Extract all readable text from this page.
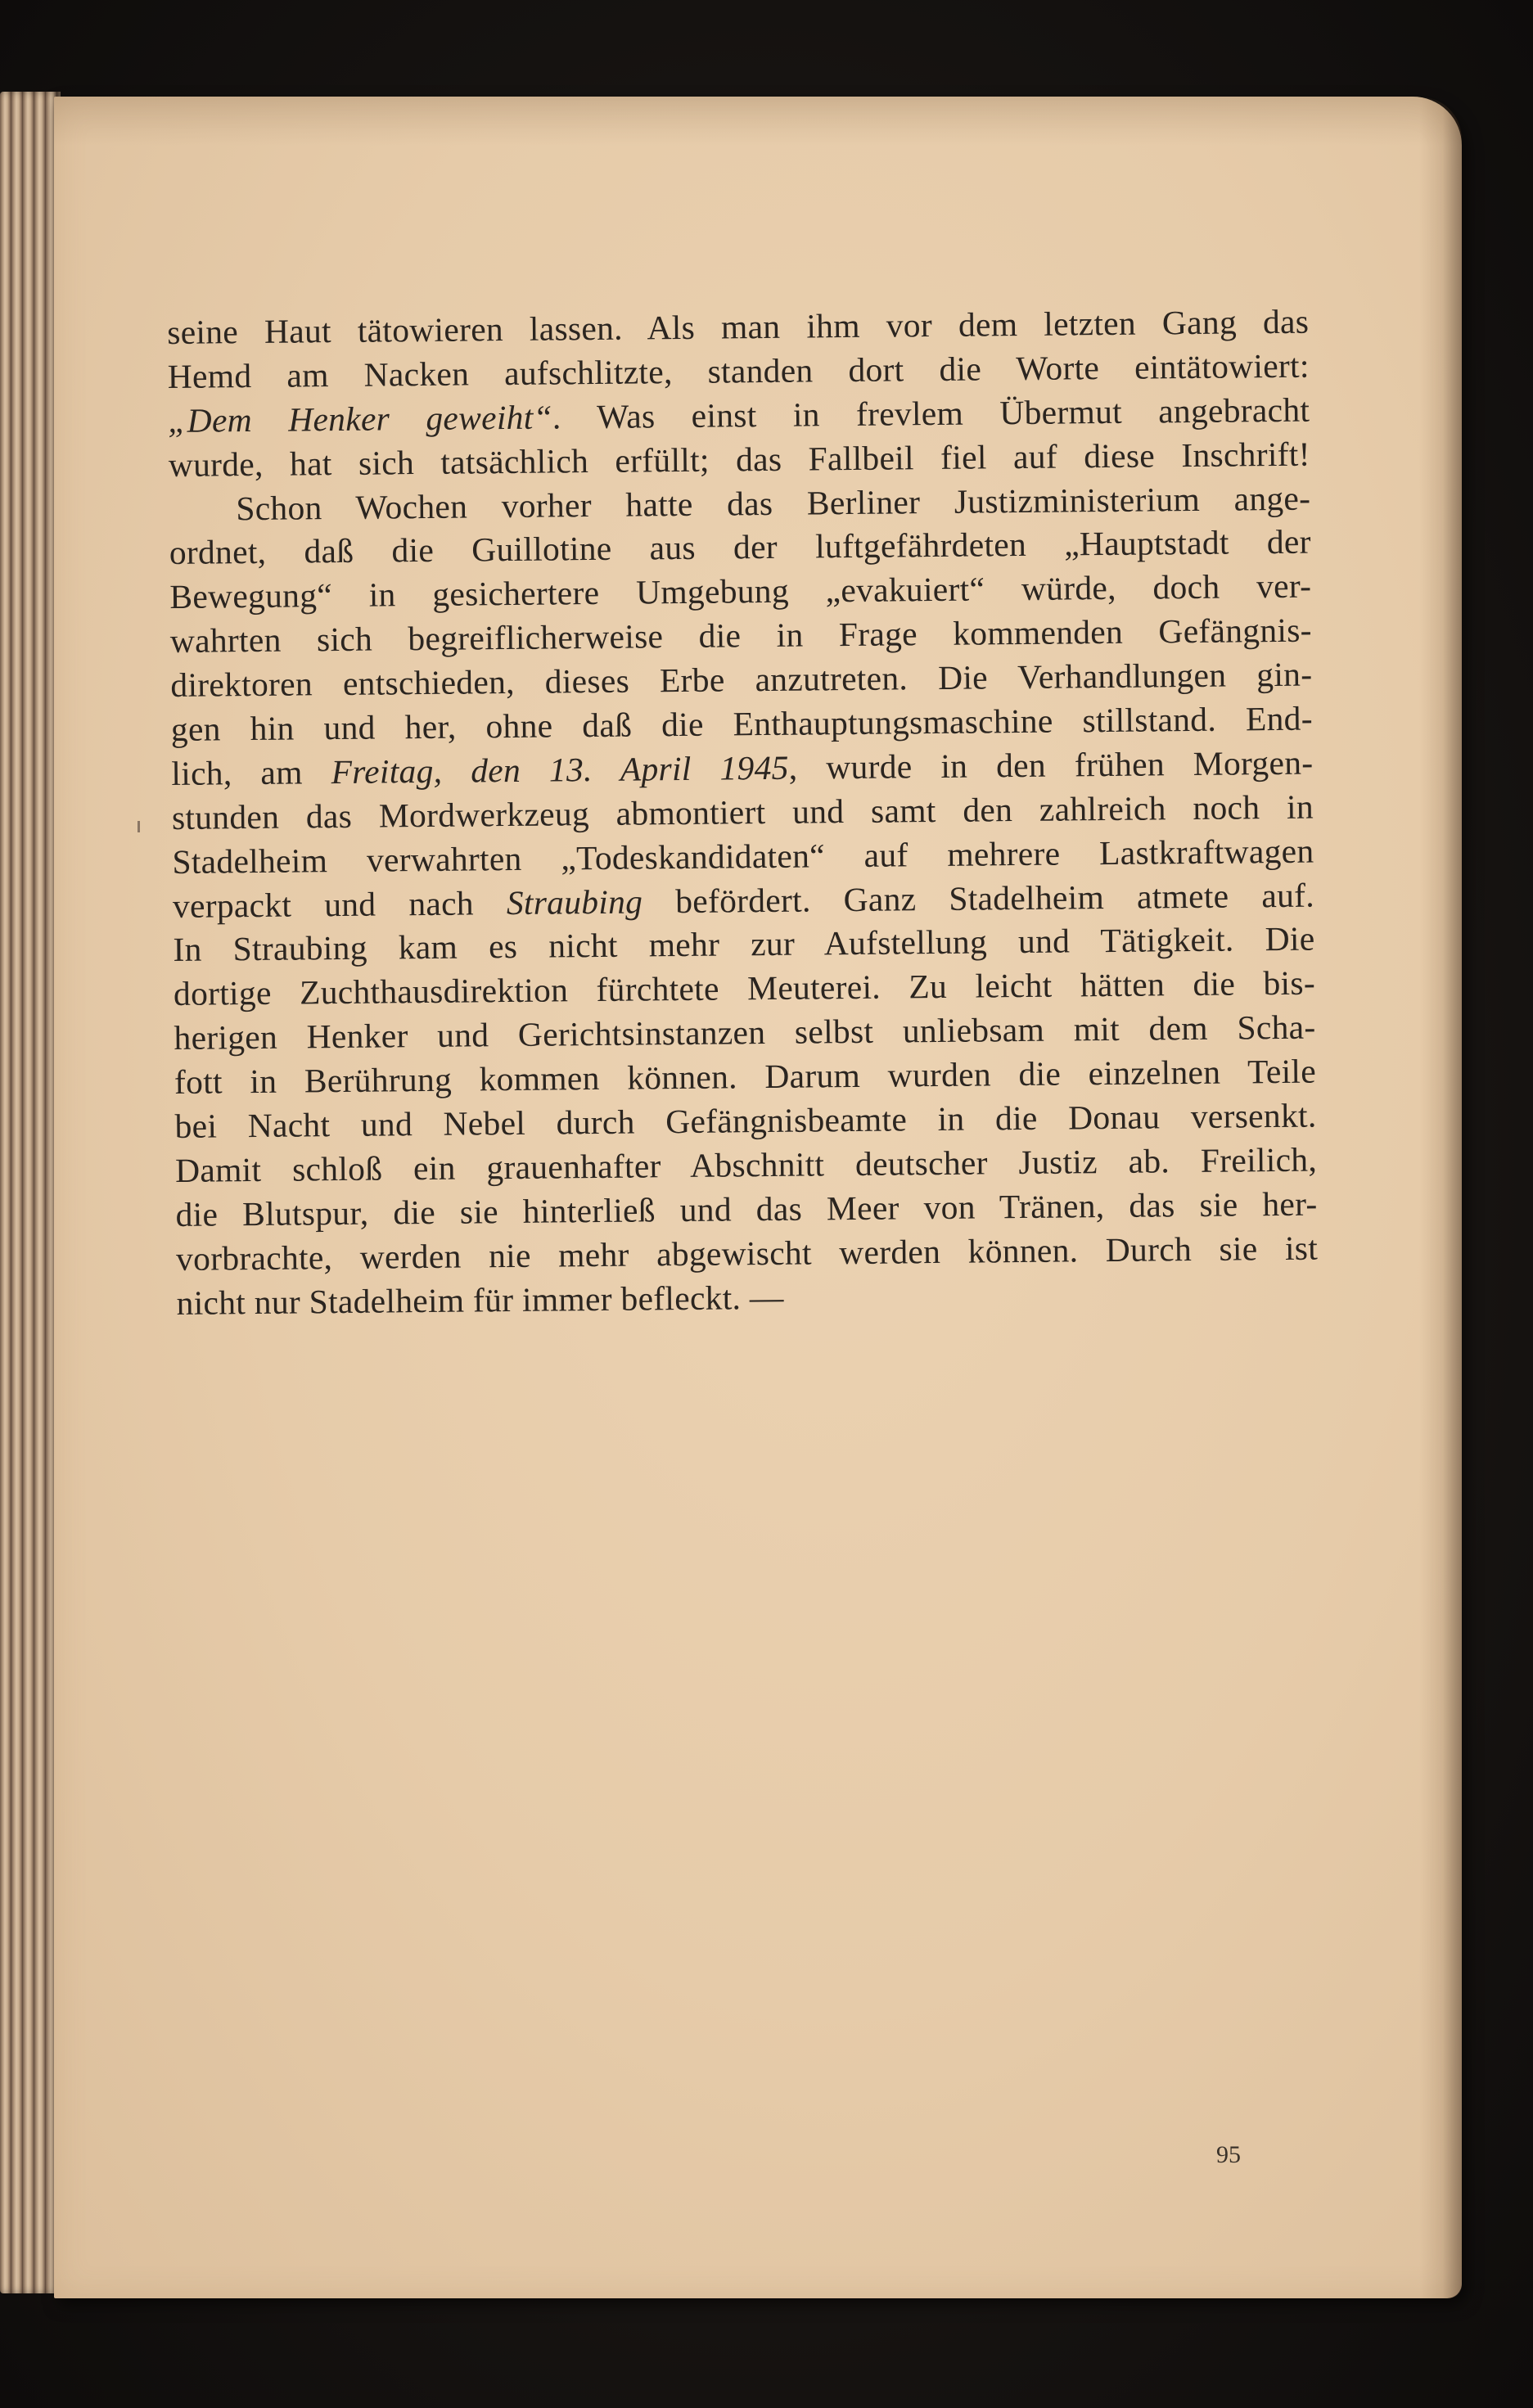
seine Haut tätowieren lassen. Als man ihm vor dem letzten Gang das
Hemd am Nacken aufschlitzte, standen dort die Worte eintätowiert:
„Dem Henker geweiht“. Was einst in frevlem Übermut angebracht
wurde, hat sich tatsächlich erfüllt; das Fallbeil fiel auf diese Inschrift!
Schon Wochen vorher hatte das Berliner Justizministerium ange-
ordnet, daß die Guillotine aus der luftgefährdeten „Hauptstadt der
Bewegung“ in gesichertere Umgebung „evakuiert“ würde, doch ver-
wahrten sich begreiflicherweise die in Frage kommenden Gefängnis-
direktoren entschieden, dieses Erbe anzutreten. Die Verhandlungen gin-
gen hin und her, ohne daß die Enthauptungsmaschine stillstand. End-
lich, am Freitag, den 13. April 1945, wurde in den frühen Morgen-
stunden das Mordwerkzeug abmontiert und samt den zahlreich noch in
Stadelheim verwahrten „Todeskandidaten“ auf mehrere Lastkraftwagen
verpackt und nach Straubing befördert. Ganz Stadelheim atmete auf.
In Straubing kam es nicht mehr zur Aufstellung und Tätigkeit. Die
dortige Zuchthausdirektion fürchtete Meuterei. Zu leicht hätten die bis-
herigen Henker und Gerichtsinstanzen selbst unliebsam mit dem Scha-
fott in Berührung kommen können. Darum wurden die einzelnen Teile
bei Nacht und Nebel durch Gefängnisbeamte in die Donau versenkt.
Damit schloß ein grauenhafter Abschnitt deutscher Justiz ab. Freilich,
die Blutspur, die sie hinterließ und das Meer von Tränen, das sie her-
vorbrachte, werden nie mehr abgewischt werden können. Durch sie ist
nicht nur Stadelheim für immer befleckt. —
95
